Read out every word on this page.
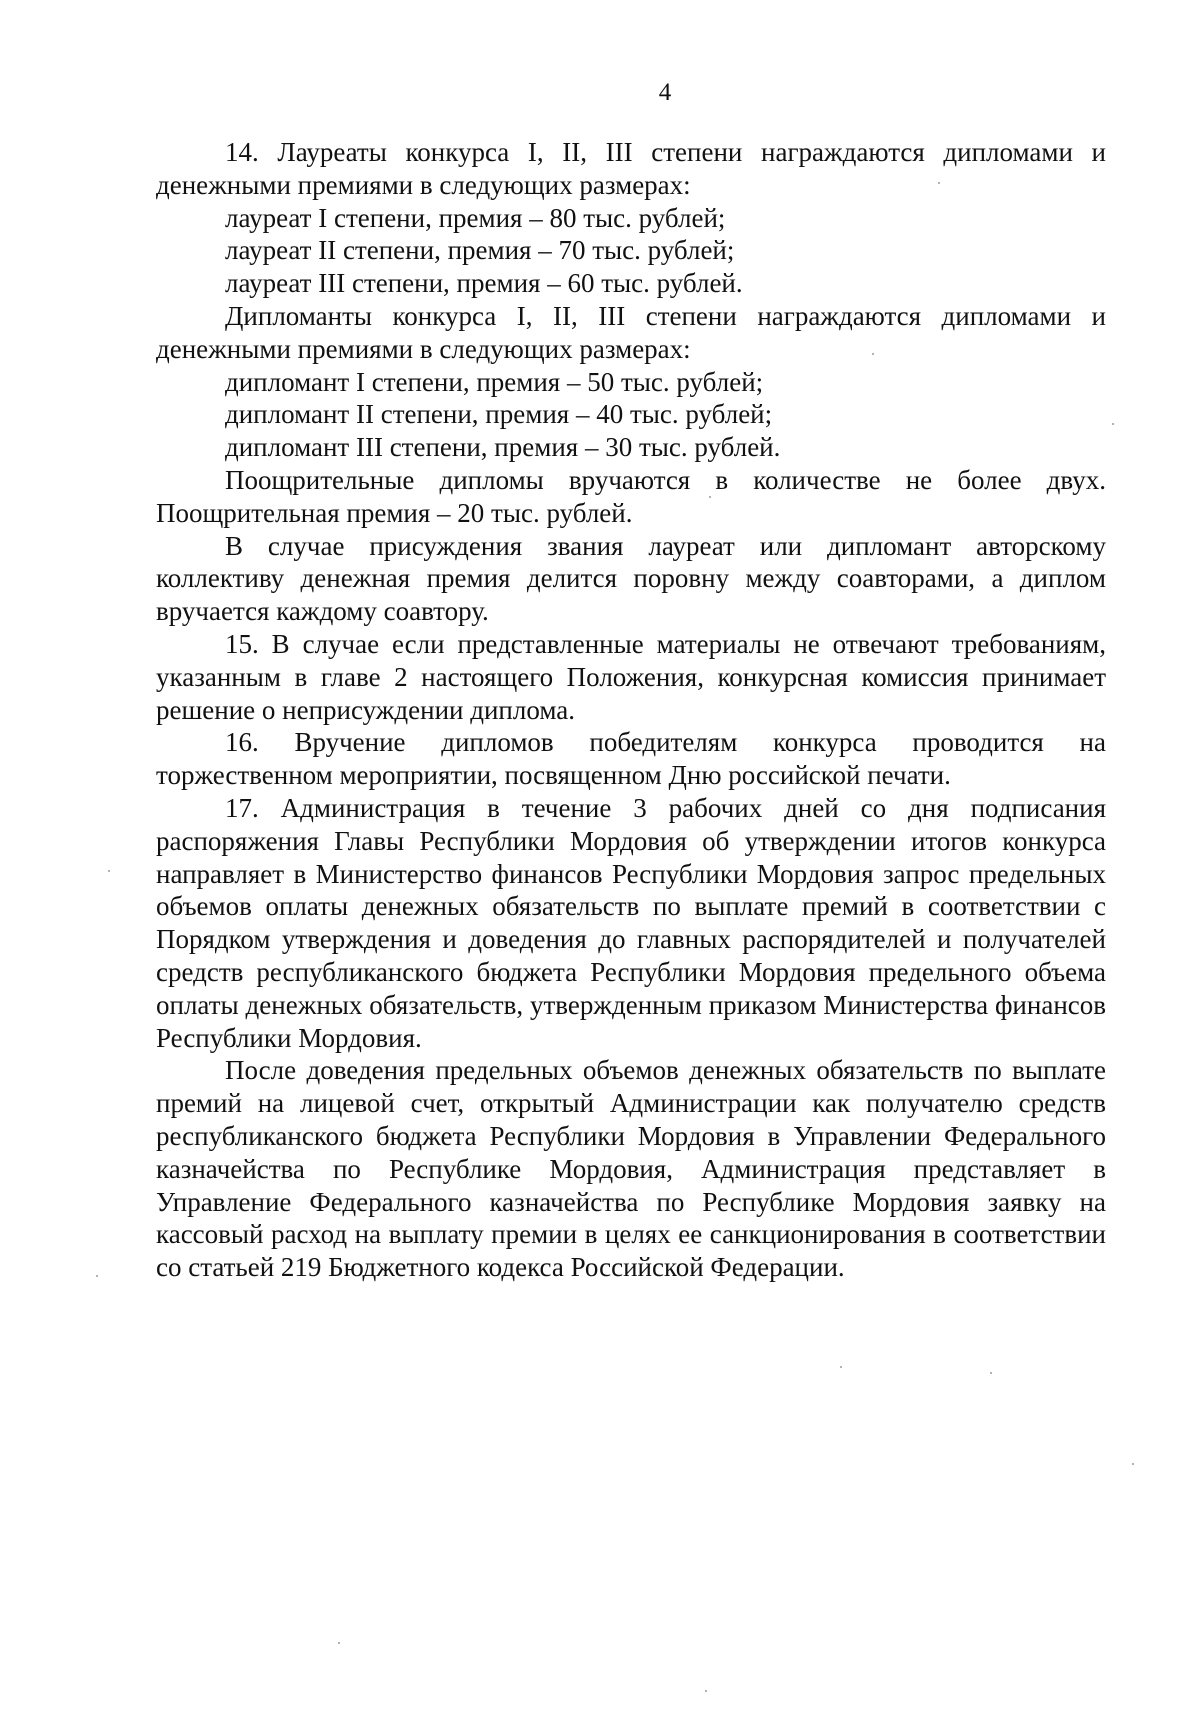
4

14. Лауреаты конкурса I, II, III степени награждаются дипломами и денежными премиями в следующих размерах:

лауреат I степени, премия – 80 тыс. рублей;

лауреат II степени, премия – 70 тыс. рублей;

лауреат III степени, премия – 60 тыс. рублей.

Дипломанты конкурса I, II, III степени награждаются дипломами и денежными премиями в следующих размерах:

дипломант I степени, премия – 50 тыс. рублей;

дипломант II степени, премия – 40 тыс. рублей;

дипломант III степени, премия – 30 тыс. рублей.

Поощрительные дипломы вручаются в количестве не более двух. Поощрительная премия – 20 тыс. рублей.

В случае присуждения звания лауреат или дипломант авторскому коллективу денежная премия делится поровну между соавторами, а диплом вручается каждому соавтору.

15. В случае если представленные материалы не отвечают требованиям, указанным в главе 2 настоящего Положения, конкурсная комиссия принимает решение о неприсуждении диплома.

16. Вручение дипломов победителям конкурса проводится на торжественном мероприятии, посвященном Дню российской печати.

17. Администрация в течение 3 рабочих дней со дня подписания распоряжения Главы Республики Мордовия об утверждении итогов конкурса направляет в Министерство финансов Республики Мордовия запрос предельных объемов оплаты денежных обязательств по выплате премий в соответствии с Порядком утверждения и доведения до главных распорядителей и получателей средств республиканского бюджета Республики Мордовия предельного объема оплаты денежных обязательств, утвержденным приказом Министерства финансов Республики Мордовия.

После доведения предельных объемов денежных обязательств по выплате премий на лицевой счет, открытый Администрации как получателю средств республиканского бюджета Республики Мордовия в Управлении Федерального казначейства по Республике Мордовия, Администрация представляет в Управление Федерального казначейства по Республике Мордовия заявку на кассовый расход на выплату премии в целях ее санкционирования в соответствии со статьей 219 Бюджетного кодекса Российской Федерации.
